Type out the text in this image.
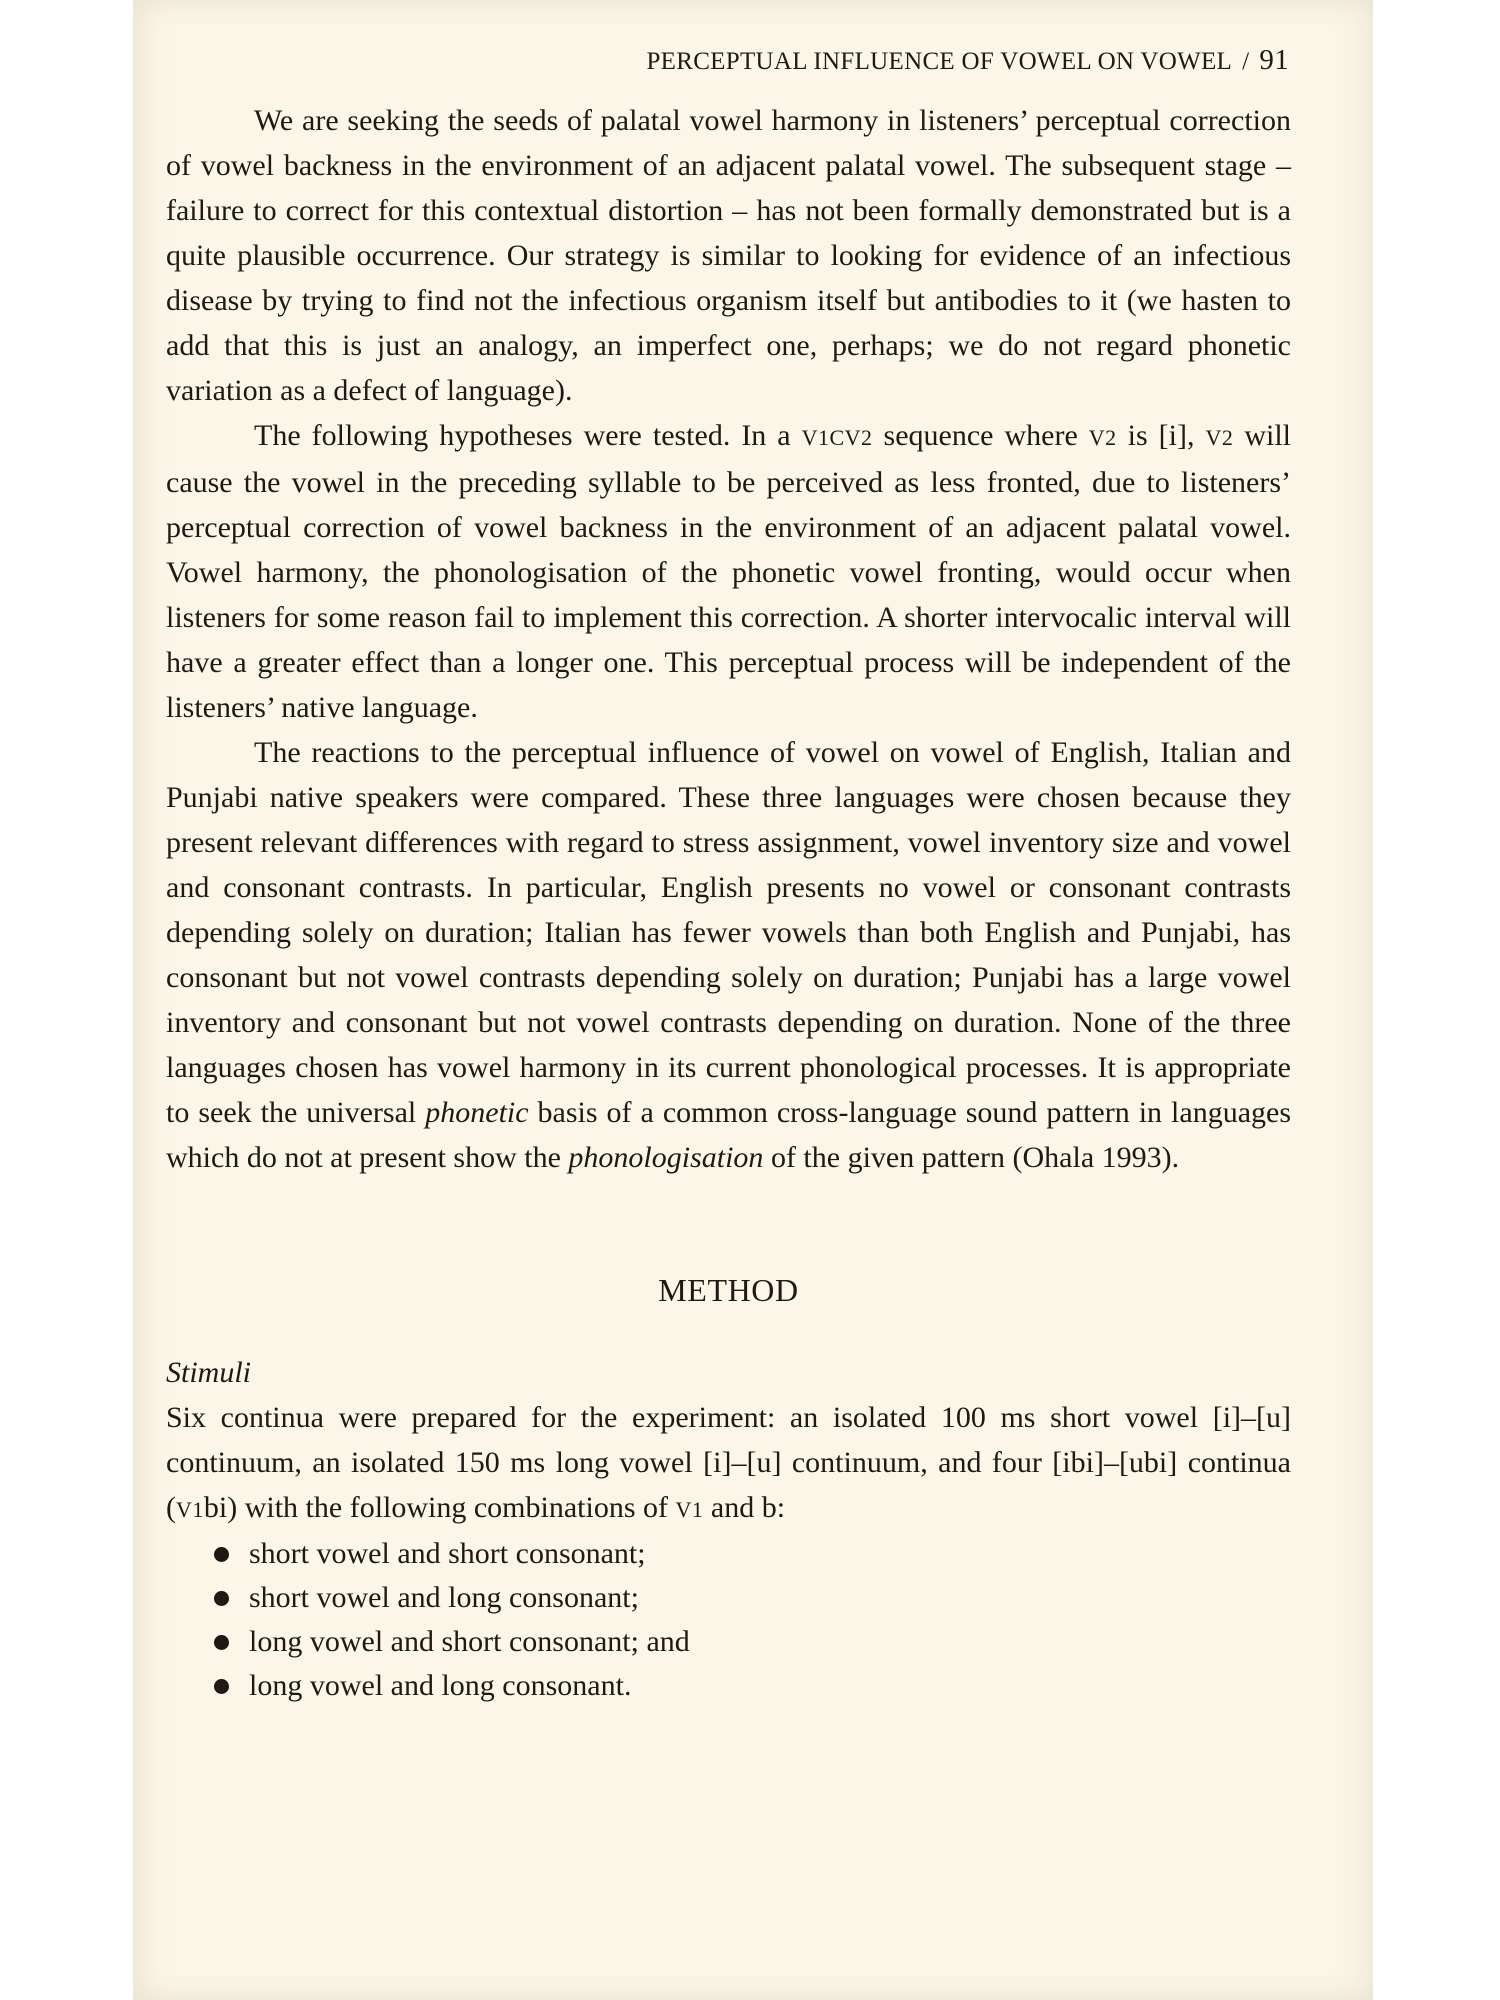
PERCEPTUAL INFLUENCE OF VOWEL ON VOWEL / 91

We are seeking the seeds of palatal vowel harmony in listeners’ perceptual correction of vowel backness in the environment of an adjacent palatal vowel. The subsequent stage – failure to correct for this contextual distortion – has not been formally demonstrated but is a quite plausible occurrence. Our strategy is similar to looking for evidence of an infectious disease by trying to find not the infectious organism itself but antibodies to it (we hasten to add that this is just an analogy, an imperfect one, perhaps; we do not regard phonetic variation as a defect of language).

The following hypotheses were tested. In a V1CV2 sequence where V2 is [i], V2 will cause the vowel in the preceding syllable to be perceived as less fronted, due to listeners’ perceptual correction of vowel backness in the environment of an adjacent palatal vowel. Vowel harmony, the phonologisation of the phonetic vowel fronting, would occur when listeners for some reason fail to implement this correction. A shorter intervocalic interval will have a greater effect than a longer one. This perceptual process will be independent of the listeners’ native language.

The reactions to the perceptual influence of vowel on vowel of English, Italian and Punjabi native speakers were compared. These three languages were chosen because they present relevant differences with regard to stress assignment, vowel inventory size and vowel and consonant contrasts. In particular, English presents no vowel or consonant contrasts depending solely on duration; Italian has fewer vowels than both English and Punjabi, has consonant but not vowel contrasts depending solely on duration; Punjabi has a large vowel inventory and consonant but not vowel contrasts depending on duration. None of the three languages chosen has vowel harmony in its current phonological processes. It is appropriate to seek the universal phonetic basis of a common cross-language sound pattern in languages which do not at present show the phonologisation of the given pattern (Ohala 1993).

METHOD
Stimuli

Six continua were prepared for the experiment: an isolated 100 ms short vowel [i]–[u] continuum, an isolated 150 ms long vowel [i]–[u] continuum, and four [ibi]–[ubi] continua (V1bi) with the following combinations of V1 and b:

short vowel and short consonant;
short vowel and long consonant;
long vowel and short consonant; and
long vowel and long consonant.
